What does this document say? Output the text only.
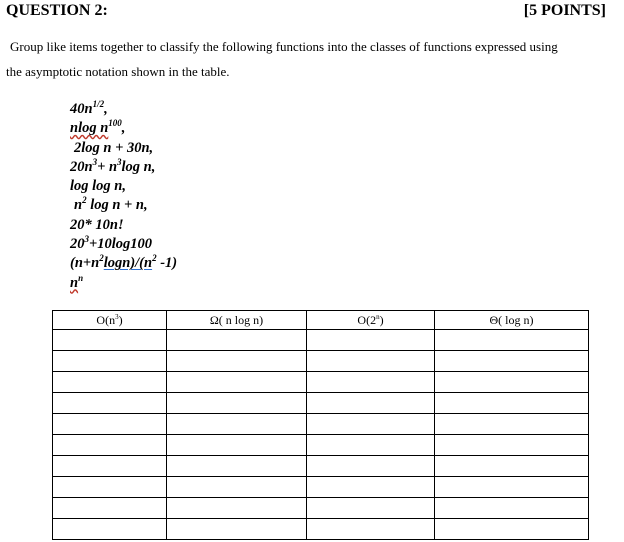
QUESTION 2:	[5 POINTS]
Group like items together to classify the following functions into the classes of functions expressed using
the asymptotic notation shown in the table.
$40n^{1/2}$,
nlog $n^{100}$,
2log n + 30n,
$20n^3+ n^3\log$ n,
log log n,
$n^2$ log n + n,
20* 10n!
$20^3+10\log 100$
$(n+n^2\log n)/(n^2$ -1)
$n^n$
$O(n^3)$	Ω( n log n)	O(2$^n$)	Θ( log n)
